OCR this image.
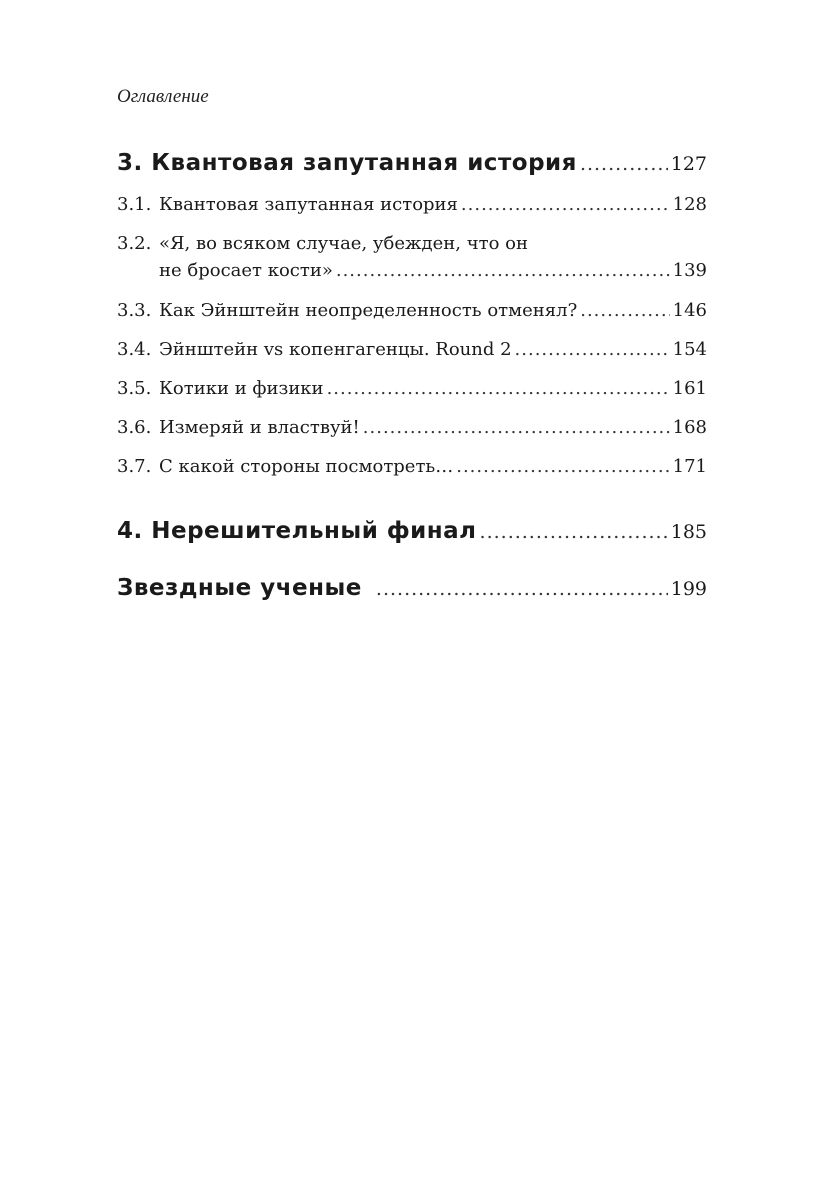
Оглавление
3. Квантовая запутанная история .....	127
3.1. Квантовая запутанная история .....	128
3.2. «Я, во всяком случае, убежден, что он
не бросает кости» .....	139
3.3. Как Эйнштейн неопределенность отменял? .....	146
3.4. Эйнштейн vs копенгагенцы. Round 2 .....	154
3.5. Котики и физики .....	161
3.6. Измеряй и властвуй! .....	168
3.7. С какой стороны посмотреть… .....	171
4. Нерешительный финал .....	185
Звездные ученые .....	199
